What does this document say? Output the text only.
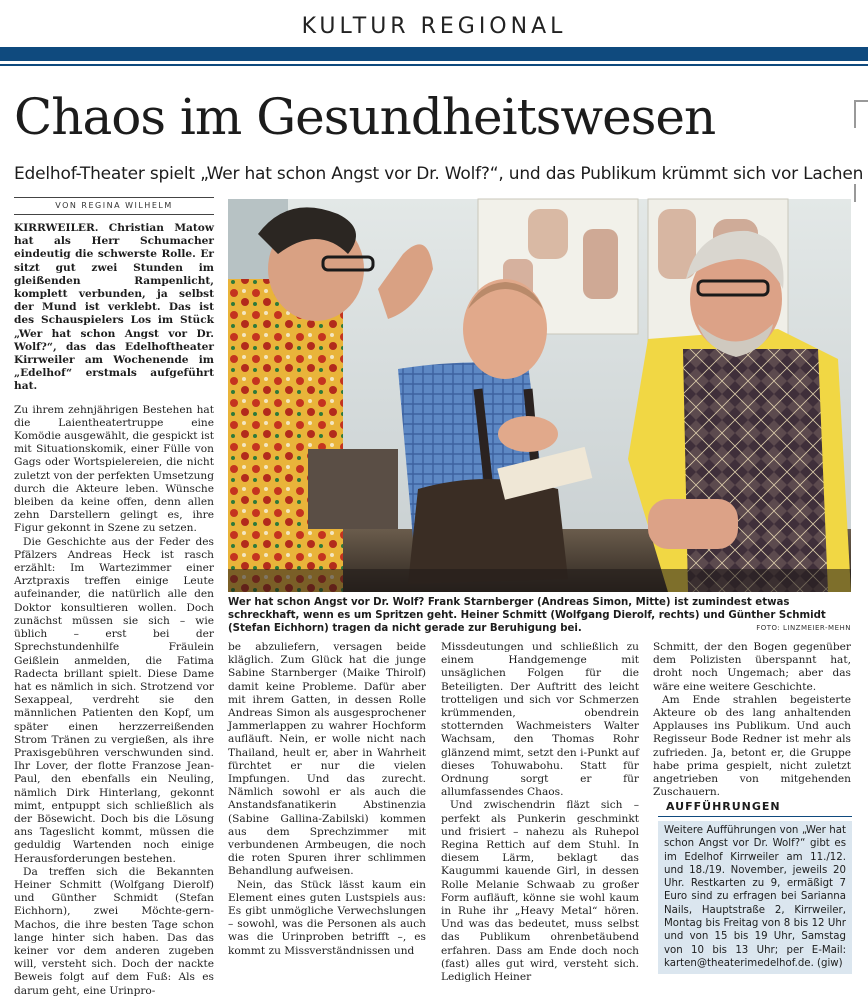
KULTUR REGIONAL
Chaos im Gesundheitswesen
Edelhof-Theater spielt „Wer hat schon Angst vor Dr. Wolf?“, und das Publikum krümmt sich vor Lachen
VON REGINA WILHELM

KIRRWEILER. Christian Matow hat als Herr Schumacher eindeutig die schwerste Rolle. Er sitzt gut zwei Stunden im gleißenden Rampenlicht, komplett verbunden, ja selbst der Mund ist verklebt. Das ist des Schauspielers Los im Stück „Wer hat schon Angst vor Dr. Wolf?“, das das Edelhoftheater Kirrweiler am Wochenende im „Edelhof“ erstmals aufgeführt hat.

Zu ihrem zehnjährigen Bestehen hat die Laientheatertruppe eine Komödie ausgewählt, die gespickt ist mit Situationskomik, einer Fülle von Gags oder Wortspielereien, die nicht zuletzt von der perfekten Umsetzung durch die Akteure leben. Wünsche bleiben da keine offen, denn allen zehn Darstellern gelingt es, ihre Figur gekonnt in Szene zu setzen.

Die Geschichte aus der Feder des Pfälzers Andreas Heck ist rasch erzählt: Im Wartezimmer einer Arztpraxis treffen einige Leute aufeinander, die natürlich alle den Doktor konsultieren wollen. Doch zunächst müssen sie sich – wie üblich – erst bei der Sprechstundenhilfe Fräulein Geißlein anmelden, die Fatima Radecta brillant spielt. Diese Dame hat es nämlich in sich. Strotzend vor Sexappeal, verdreht sie den männlichen Patienten den Kopf, um später einen herzzerreißenden Strom Tränen zu vergießen, als ihre Praxisgebühren verschwunden sind. Ihr Lover, der flotte Franzose Jean-Paul, den ebenfalls ein Neuling, nämlich Dirk Hinterlang, gekonnt mimt, entpuppt sich schließlich als der Bösewicht. Doch bis die Lösung ans Tageslicht kommt, müssen die geduldig Wartenden noch einige Herausforderungen bestehen.

Da treffen sich die Bekannten Heiner Schmitt (Wolfgang Dierolf) und Günther Schmidt (Stefan Eichhorn), zwei Möchte-gern-Machos, die ihre besten Tage schon lange hinter sich haben. Das das keiner vor dem anderen zugeben will, versteht sich. Doch der nackte Beweis folgt auf dem Fuß: Als es darum geht, eine Urinpro-

Wer hat schon Angst vor Dr. Wolf? Frank Starnberger (Andreas Simon, Mitte) ist zumindest etwas schreckhaft, wenn es um Spritzen geht. Heiner Schmitt (Wolfgang Dierolf, rechts) und Günther Schmidt (Stefan Eichhorn) tragen da nicht gerade zur Beruhigung bei.	FOTO: LINZMEIER-MEHN

be abzuliefern, versagen beide kläglich. Zum Glück hat die junge Sabine Starnberger (Maike Thirolf) damit keine Probleme. Dafür aber mit ihrem Gatten, in dessen Rolle Andreas Simon als ausgesprochener Jammerlappen zu wahrer Hochform aufläuft. Nein, er wolle nicht nach Thailand, heult er, aber in Wahrheit fürchtet er nur die vielen Impfungen. Und das zurecht. Nämlich sowohl er als auch die Anstandsfanatikerin Abstinenzia (Sabine Gallina-Zabilski) kommen aus dem Sprechzimmer mit verbundenen Armbeugen, die noch die roten Spuren ihrer schlimmen Behandlung aufweisen.

Nein, das Stück lässt kaum ein Element eines guten Lustspiels aus: Es gibt unmögliche Verwechslungen – sowohl, was die Personen als auch was die Urinproben betrifft –, es kommt zu Missverständnissen und

Missdeutungen und schließlich zu einem Handgemenge mit unsäglichen Folgen für die Beteiligten. Der Auftritt des leicht trotteligen und sich vor Schmerzen krümmenden, obendrein stotternden Wachmeisters Walter Wachsam, den Thomas Rohr glänzend mimt, setzt den i-Punkt auf dieses Tohuwabohu. Statt für Ordnung sorgt er für allumfassendes Chaos.

Und zwischendrin fläzt sich – perfekt als Punkerin geschminkt und frisiert – nahezu als Ruhepol Regina Rettich auf dem Stuhl. In diesem Lärm, beklagt das Kaugummi kauende Girl, in dessen Rolle Melanie Schwaab zu großer Form aufläuft, könne sie wohl kaum in Ruhe ihr „Heavy Metal“ hören. Und was das bedeutet, muss selbst das Publikum ohrenbetäubend erfahren. Dass am Ende doch noch (fast) alles gut wird, versteht sich. Lediglich Heiner

Schmitt, der den Bogen gegenüber dem Polizisten überspannt hat, droht noch Ungemach; aber das wäre eine weitere Geschichte.

Am Ende strahlen begeisterte Akteure ob des lang anhaltenden Applauses ins Publikum. Und auch Regisseur Bode Redner ist mehr als zufrieden. Ja, betont er, die Gruppe habe prima gespielt, nicht zuletzt angetrieben von mitgehenden Zuschauern.

AUFFÜHRUNGEN
Weitere Aufführungen von „Wer hat schon Angst vor Dr. Wolf?“ gibt es im Edelhof Kirrweiler am 11./12. und 18./19. November, jeweils 20 Uhr. Restkarten zu 9, ermäßigt 7 Euro sind zu erfragen bei Sarianna Nails, Hauptstraße 2, Kirrweiler, Montag bis Freitag von 8 bis 12 Uhr und von 15 bis 19 Uhr, Samstag von 10 bis 13 Uhr; per E-Mail: karten@theaterimedelhof.de. (giw)
